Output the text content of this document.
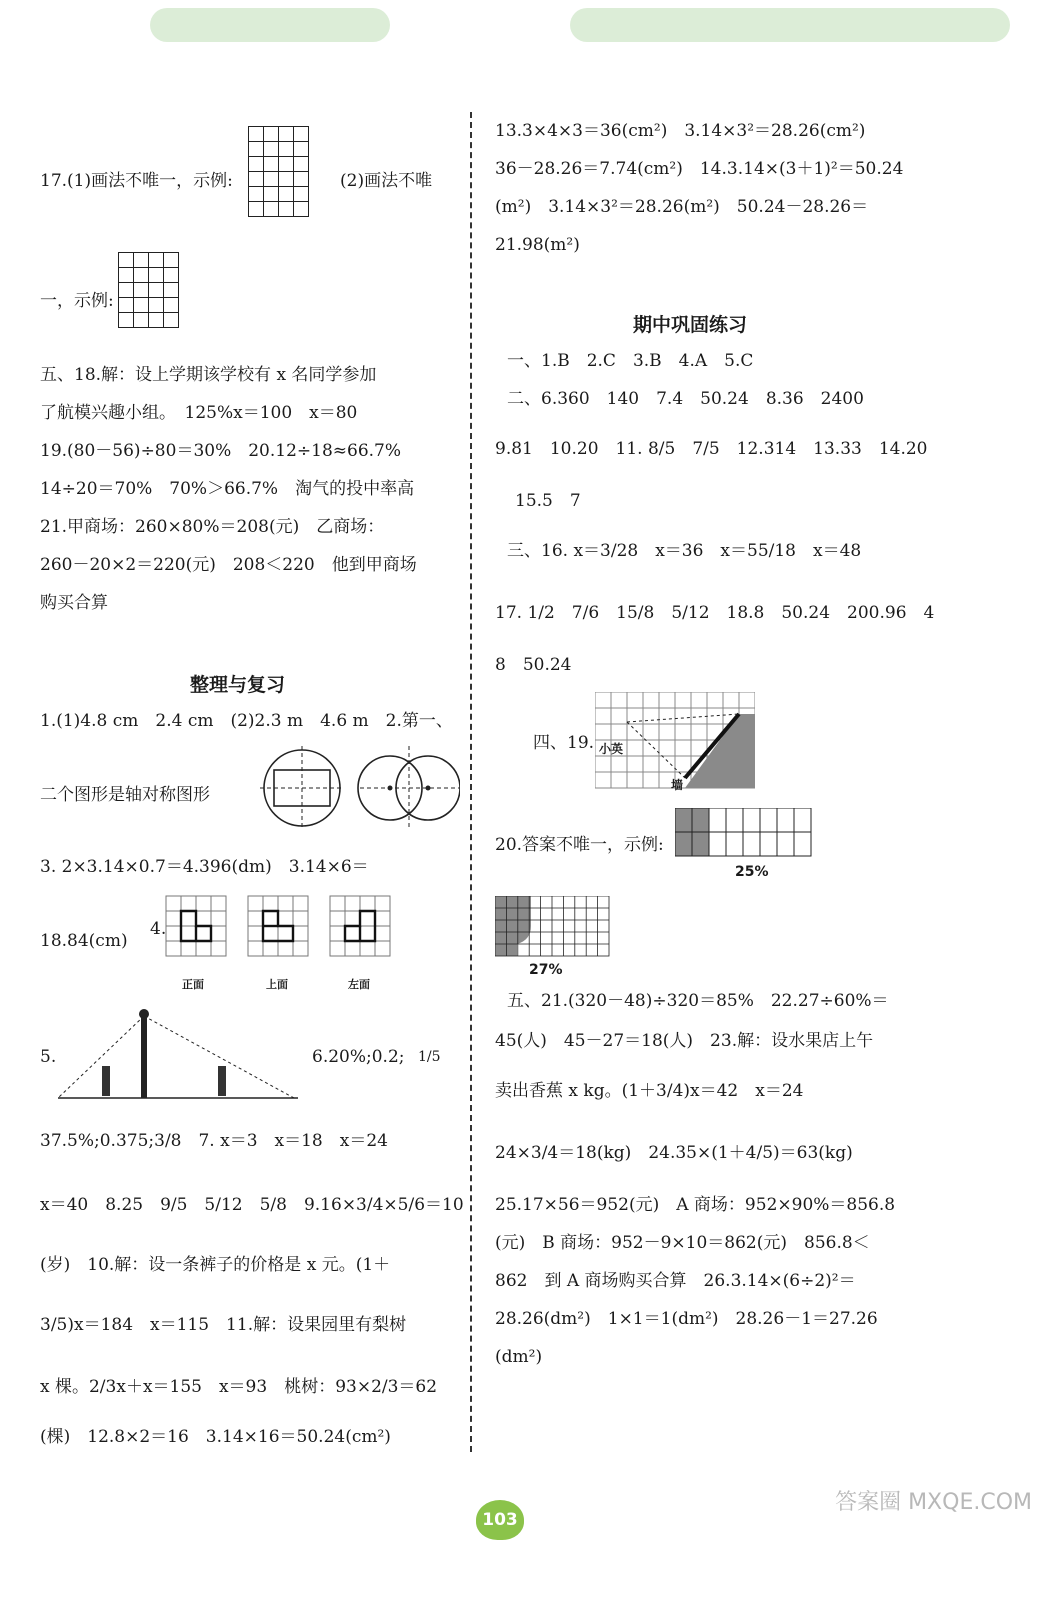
17.(1)画法不唯一，示例:

				(2)画法不唯
一，示例:

五、18.解：设上学期该学校有 x 名同学参加
了航模兴趣小组。　125%x＝100　x＝80
19.(80－56)÷80＝30%　20.12÷18≈66.7%
14÷20＝70%　70%＞66.7%　淘气的投中率高
21.甲商场：260×80%＝208(元)　乙商场：
260－20×2＝220(元)　208＜220　他到甲商场
购买合算
整理与复习
1.(1)4.8 cm　2.4 cm　(2)2.3 m　4.6 m　2.第一、
二个图形是轴对称图形
3. 2×3.14×0.7＝4.396(dm)　3.14×6＝
18.84(cm)
4.
正面	上面	左面
5.	6.20%;0.2; 1/5
37.5%;0.375;3/8　7. x＝3　x＝18　x＝24
x＝40　8.25　9/5　5/12　5/8　9.16×3/4×5/6＝10
(岁)　10.解：设一条裤子的价格是 x 元。(1＋
3/5)x＝184　x＝115　11.解：设果园里有梨树
x 棵。2/3x＋x＝155　x＝93　桃树：93×2/3＝62
(棵)　12.8×2＝16　3.14×16＝50.24(cm²)
13.3×4×3＝36(cm²)　3.14×3²＝28.26(cm²)
36－28.26＝7.74(cm²)　14.3.14×(3＋1)²＝50.24
(m²)　3.14×3²＝28.26(m²)　50.24－28.26＝
21.98(m²)
期中巩固练习
一、1.B　2.C　3.B　4.A　5.C
二、6.360　140　7.4　50.24　8.36　2400
9.81　10.20　11. 8/5　7/5　12.314　13.33　14.20
15.5　7
三、16. x＝3/28　x＝36　x＝55/18　x＝48
17. 1/2　7/6　15/8　5/12　18.8　50.24　200.96　4
8　50.24
四、19. 小英
墙
20.答案不唯一，示例:
25%
27%
五、21.(320－48)÷320＝85%　22.27÷60%＝
45(人)　45－27＝18(人)　23.解：设水果店上午
卖出香蕉 x kg。(1＋3/4)x＝42　x＝24
24×3/4＝18(kg)　24.35×(1＋4/5)＝63(kg)
25.17×56＝952(元)　A 商场：952×90%＝856.8
(元)　B 商场：952－9×10＝862(元)　856.8＜
862　到 A 商场购买合算　26.3.14×(6÷2)²＝
28.26(dm²)　1×1＝1(dm²)　28.26－1＝27.26
(dm²)
103
答案圈 MXQE.COM
